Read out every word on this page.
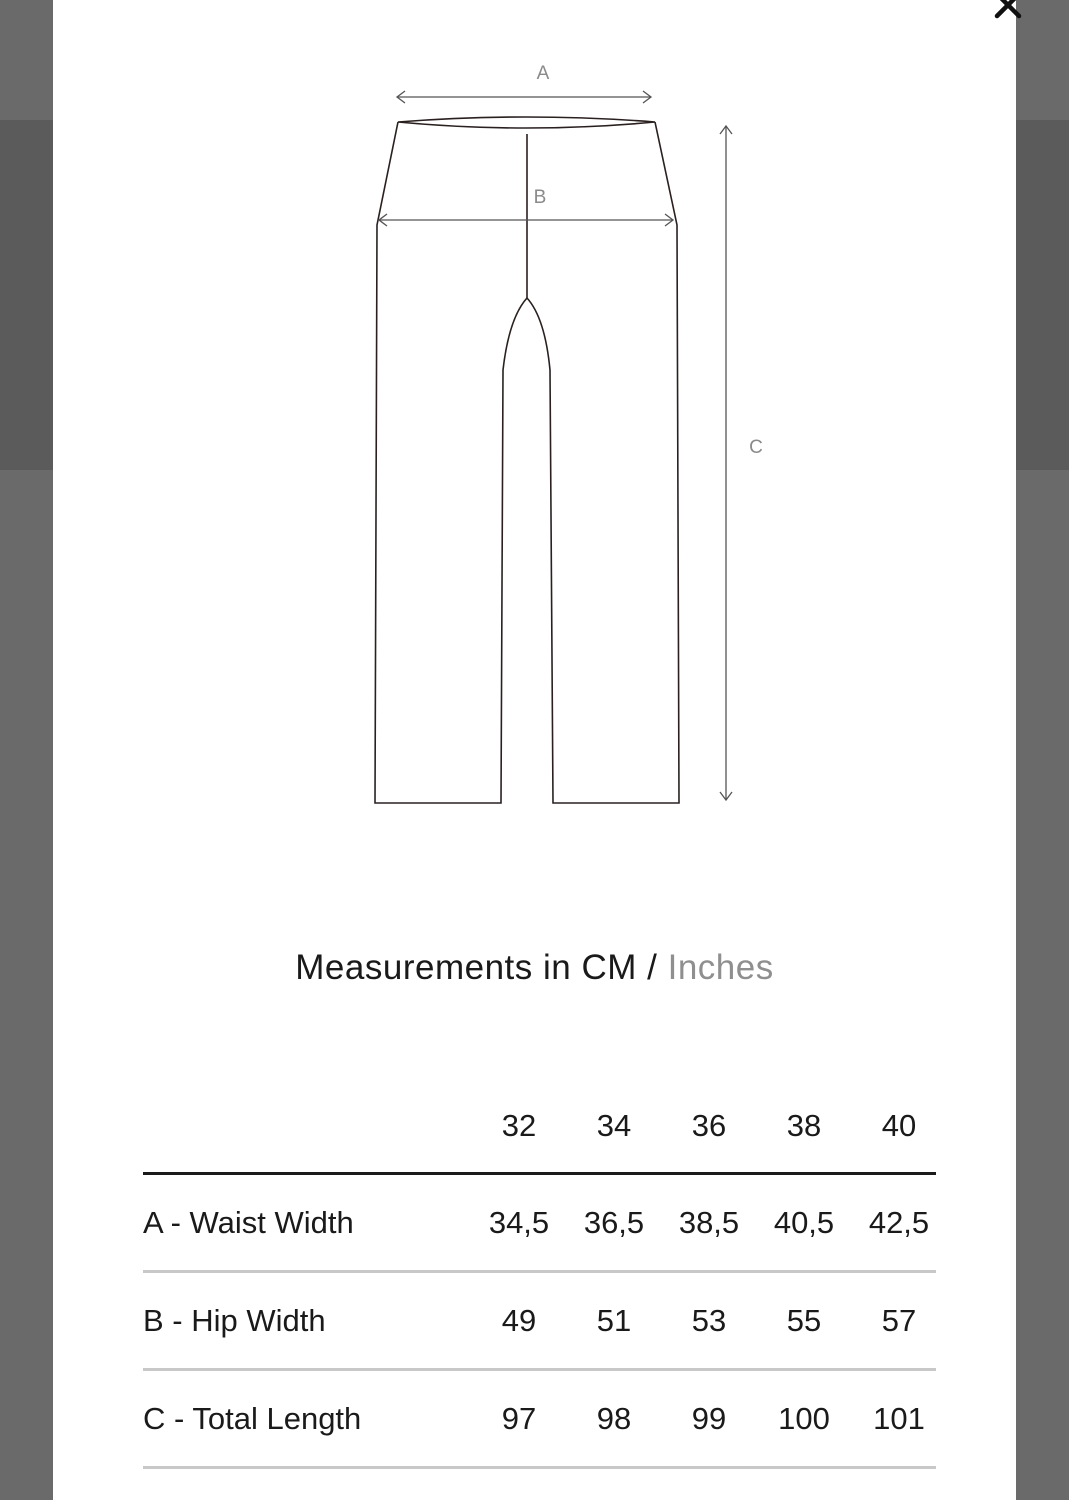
A
B
C
Measurements in CM / Inches
32	34	36	38	40
A - Waist Width	34,5	36,5	38,5	40,5	42,5
B - Hip Width	49	51	53	55	57
C - Total Length	97	98	99	100	101
